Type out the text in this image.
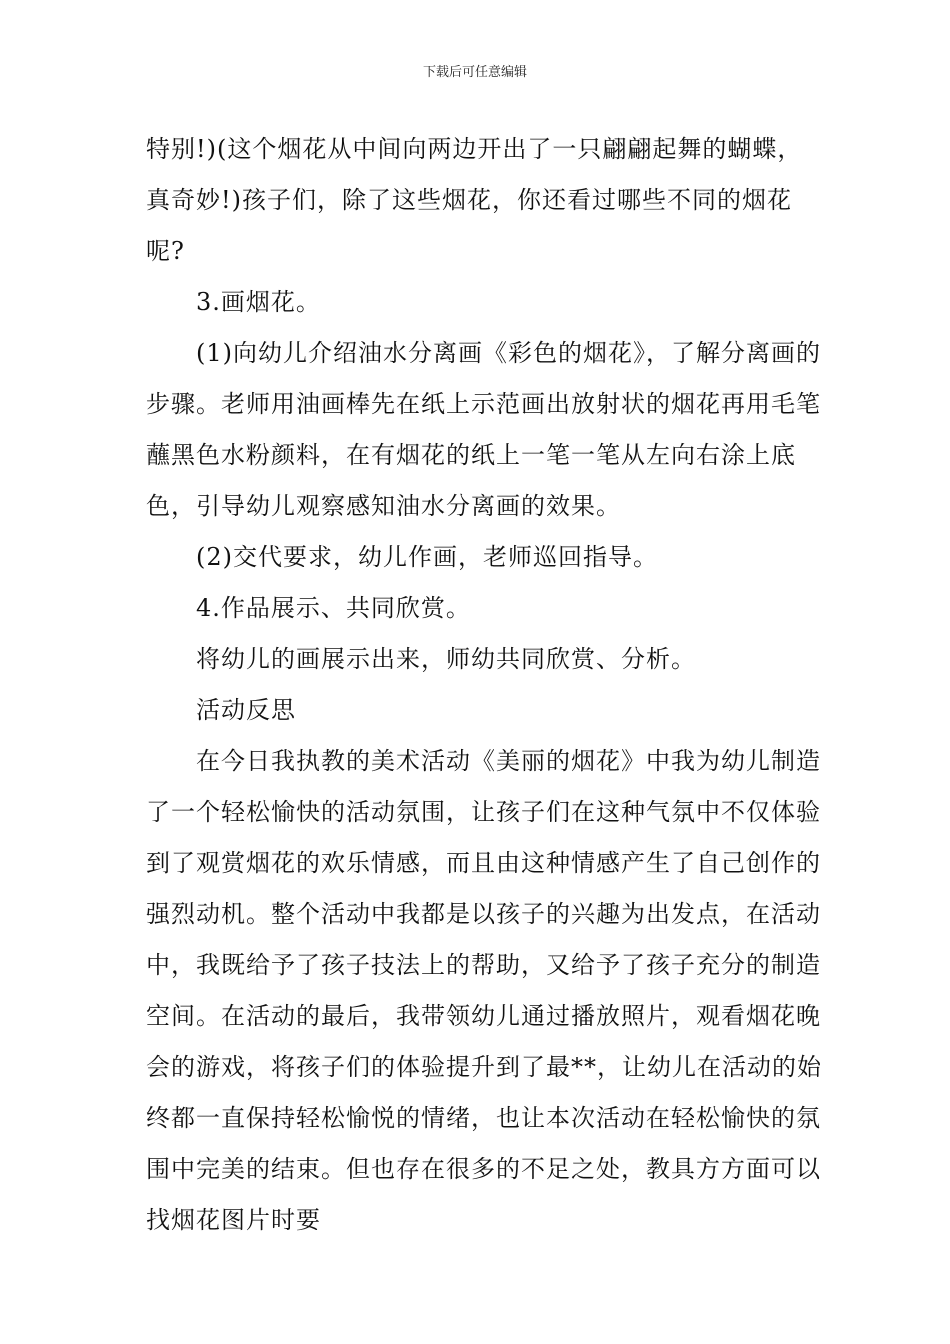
下载后可任意编辑

特别!)(这个烟花从中间向两边开出了一只翩翩起舞的蝴蝶，真奇妙!)孩子们，除了这些烟花，你还看过哪些不同的烟花呢?

3.画烟花。

(1)向幼儿介绍油水分离画《彩色的烟花》，了解分离画的步骤。老师用油画棒先在纸上示范画出放射状的烟花再用毛笔蘸黑色水粉颜料，在有烟花的纸上一笔一笔从左向右涂上底色，引导幼儿观察感知油水分离画的效果。

(2)交代要求，幼儿作画，老师巡回指导。

4.作品展示、共同欣赏。

将幼儿的画展示出来，师幼共同欣赏、分析。

活动反思

在今日我执教的美术活动《美丽的烟花》中我为幼儿制造了一个轻松愉快的活动氛围，让孩子们在这种气氛中不仅体验到了观赏烟花的欢乐情感，而且由这种情感产生了自己创作的强烈动机。整个活动中我都是以孩子的兴趣为出发点，在活动中，我既给予了孩子技法上的帮助，又给予了孩子充分的制造空间。在活动的最后，我带领幼儿通过播放照片，观看烟花晚会的游戏，将孩子们的体验提升到了最**，让幼儿在活动的始终都一直保持轻松愉悦的情绪，也让本次活动在轻松愉快的氛围中完美的结束。但也存在很多的不足之处，教具方方面可以找烟花图片时要
